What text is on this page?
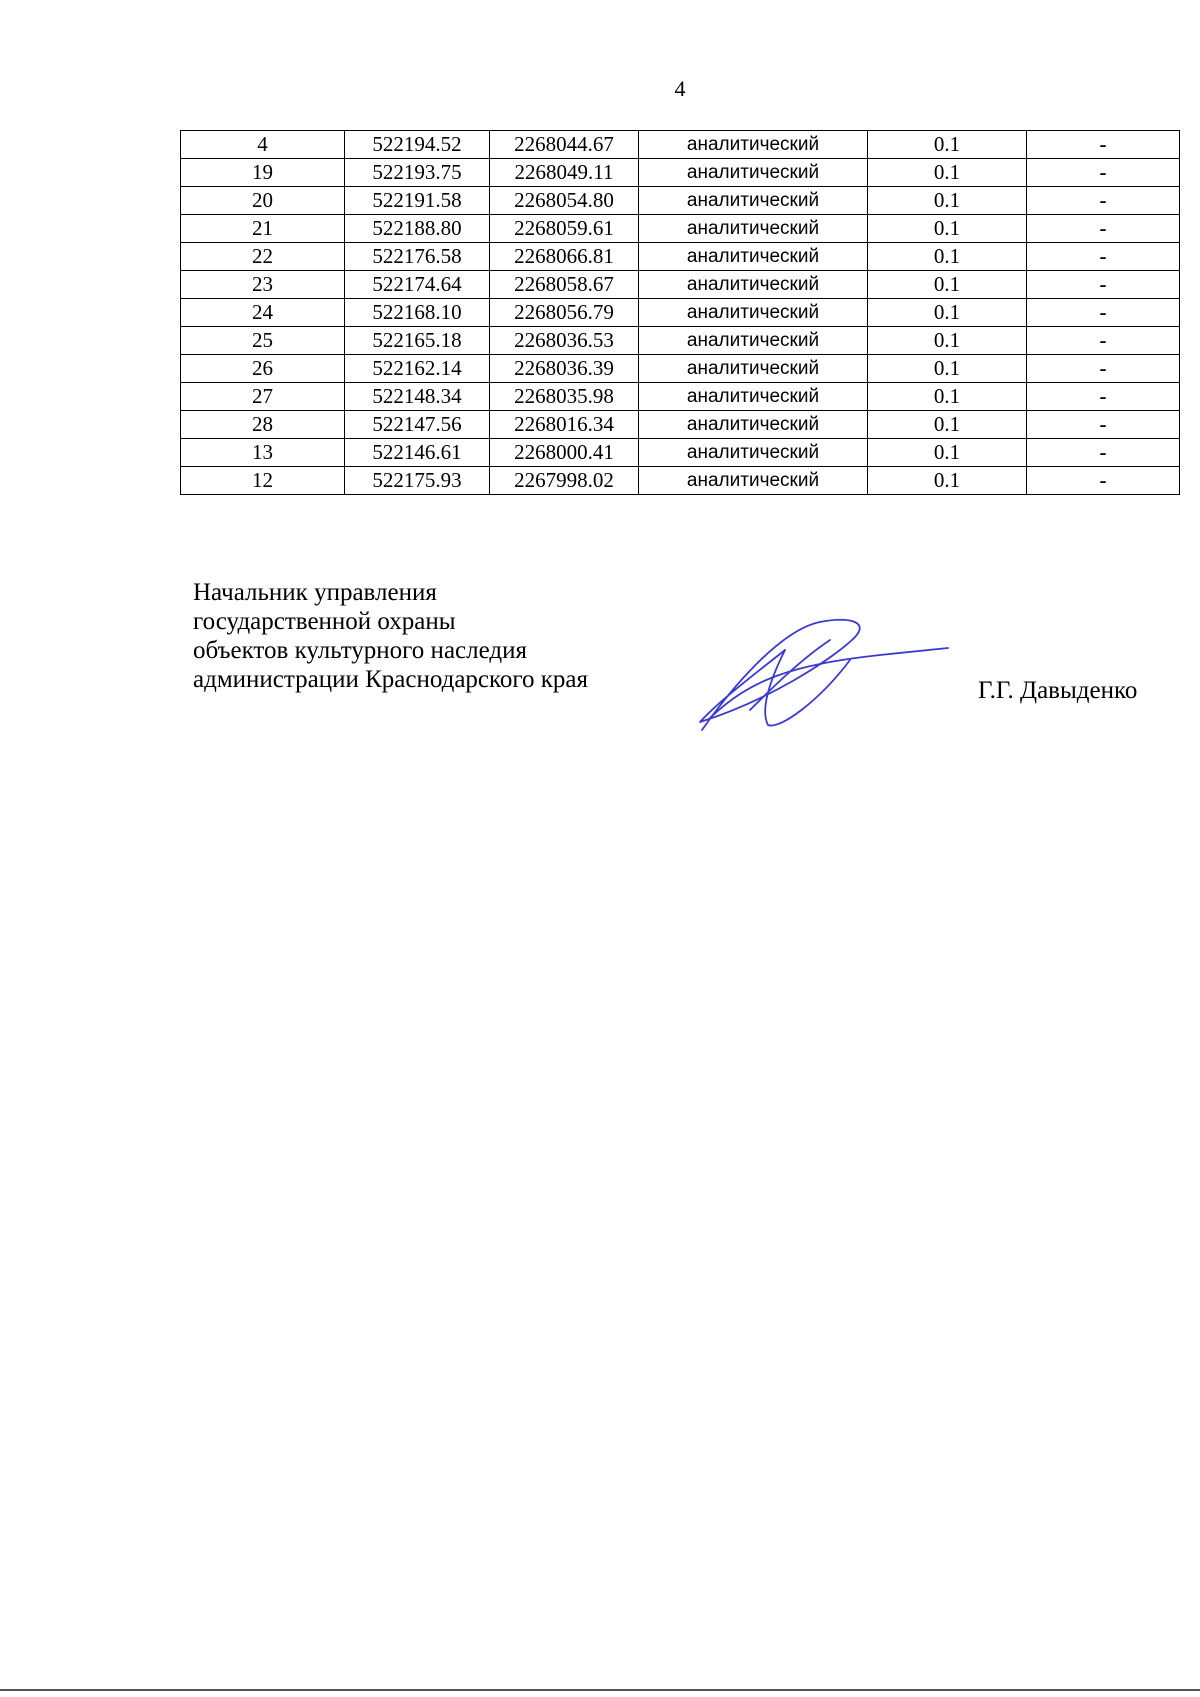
4
4	522194.52	2268044.67	аналитический	0.1	-
19	522193.75	2268049.11	аналитический	0.1	-
20	522191.58	2268054.80	аналитический	0.1	-
21	522188.80	2268059.61	аналитический	0.1	-
22	522176.58	2268066.81	аналитический	0.1	-
23	522174.64	2268058.67	аналитический	0.1	-
24	522168.10	2268056.79	аналитический	0.1	-
25	522165.18	2268036.53	аналитический	0.1	-
26	522162.14	2268036.39	аналитический	0.1	-
27	522148.34	2268035.98	аналитический	0.1	-
28	522147.56	2268016.34	аналитический	0.1	-
13	522146.61	2268000.41	аналитический	0.1	-
12	522175.93	2267998.02	аналитический	0.1	-
Начальник управления
государственной охраны
объектов культурного наследия
администрации Краснодарского края	Г.Г. Давыденко
